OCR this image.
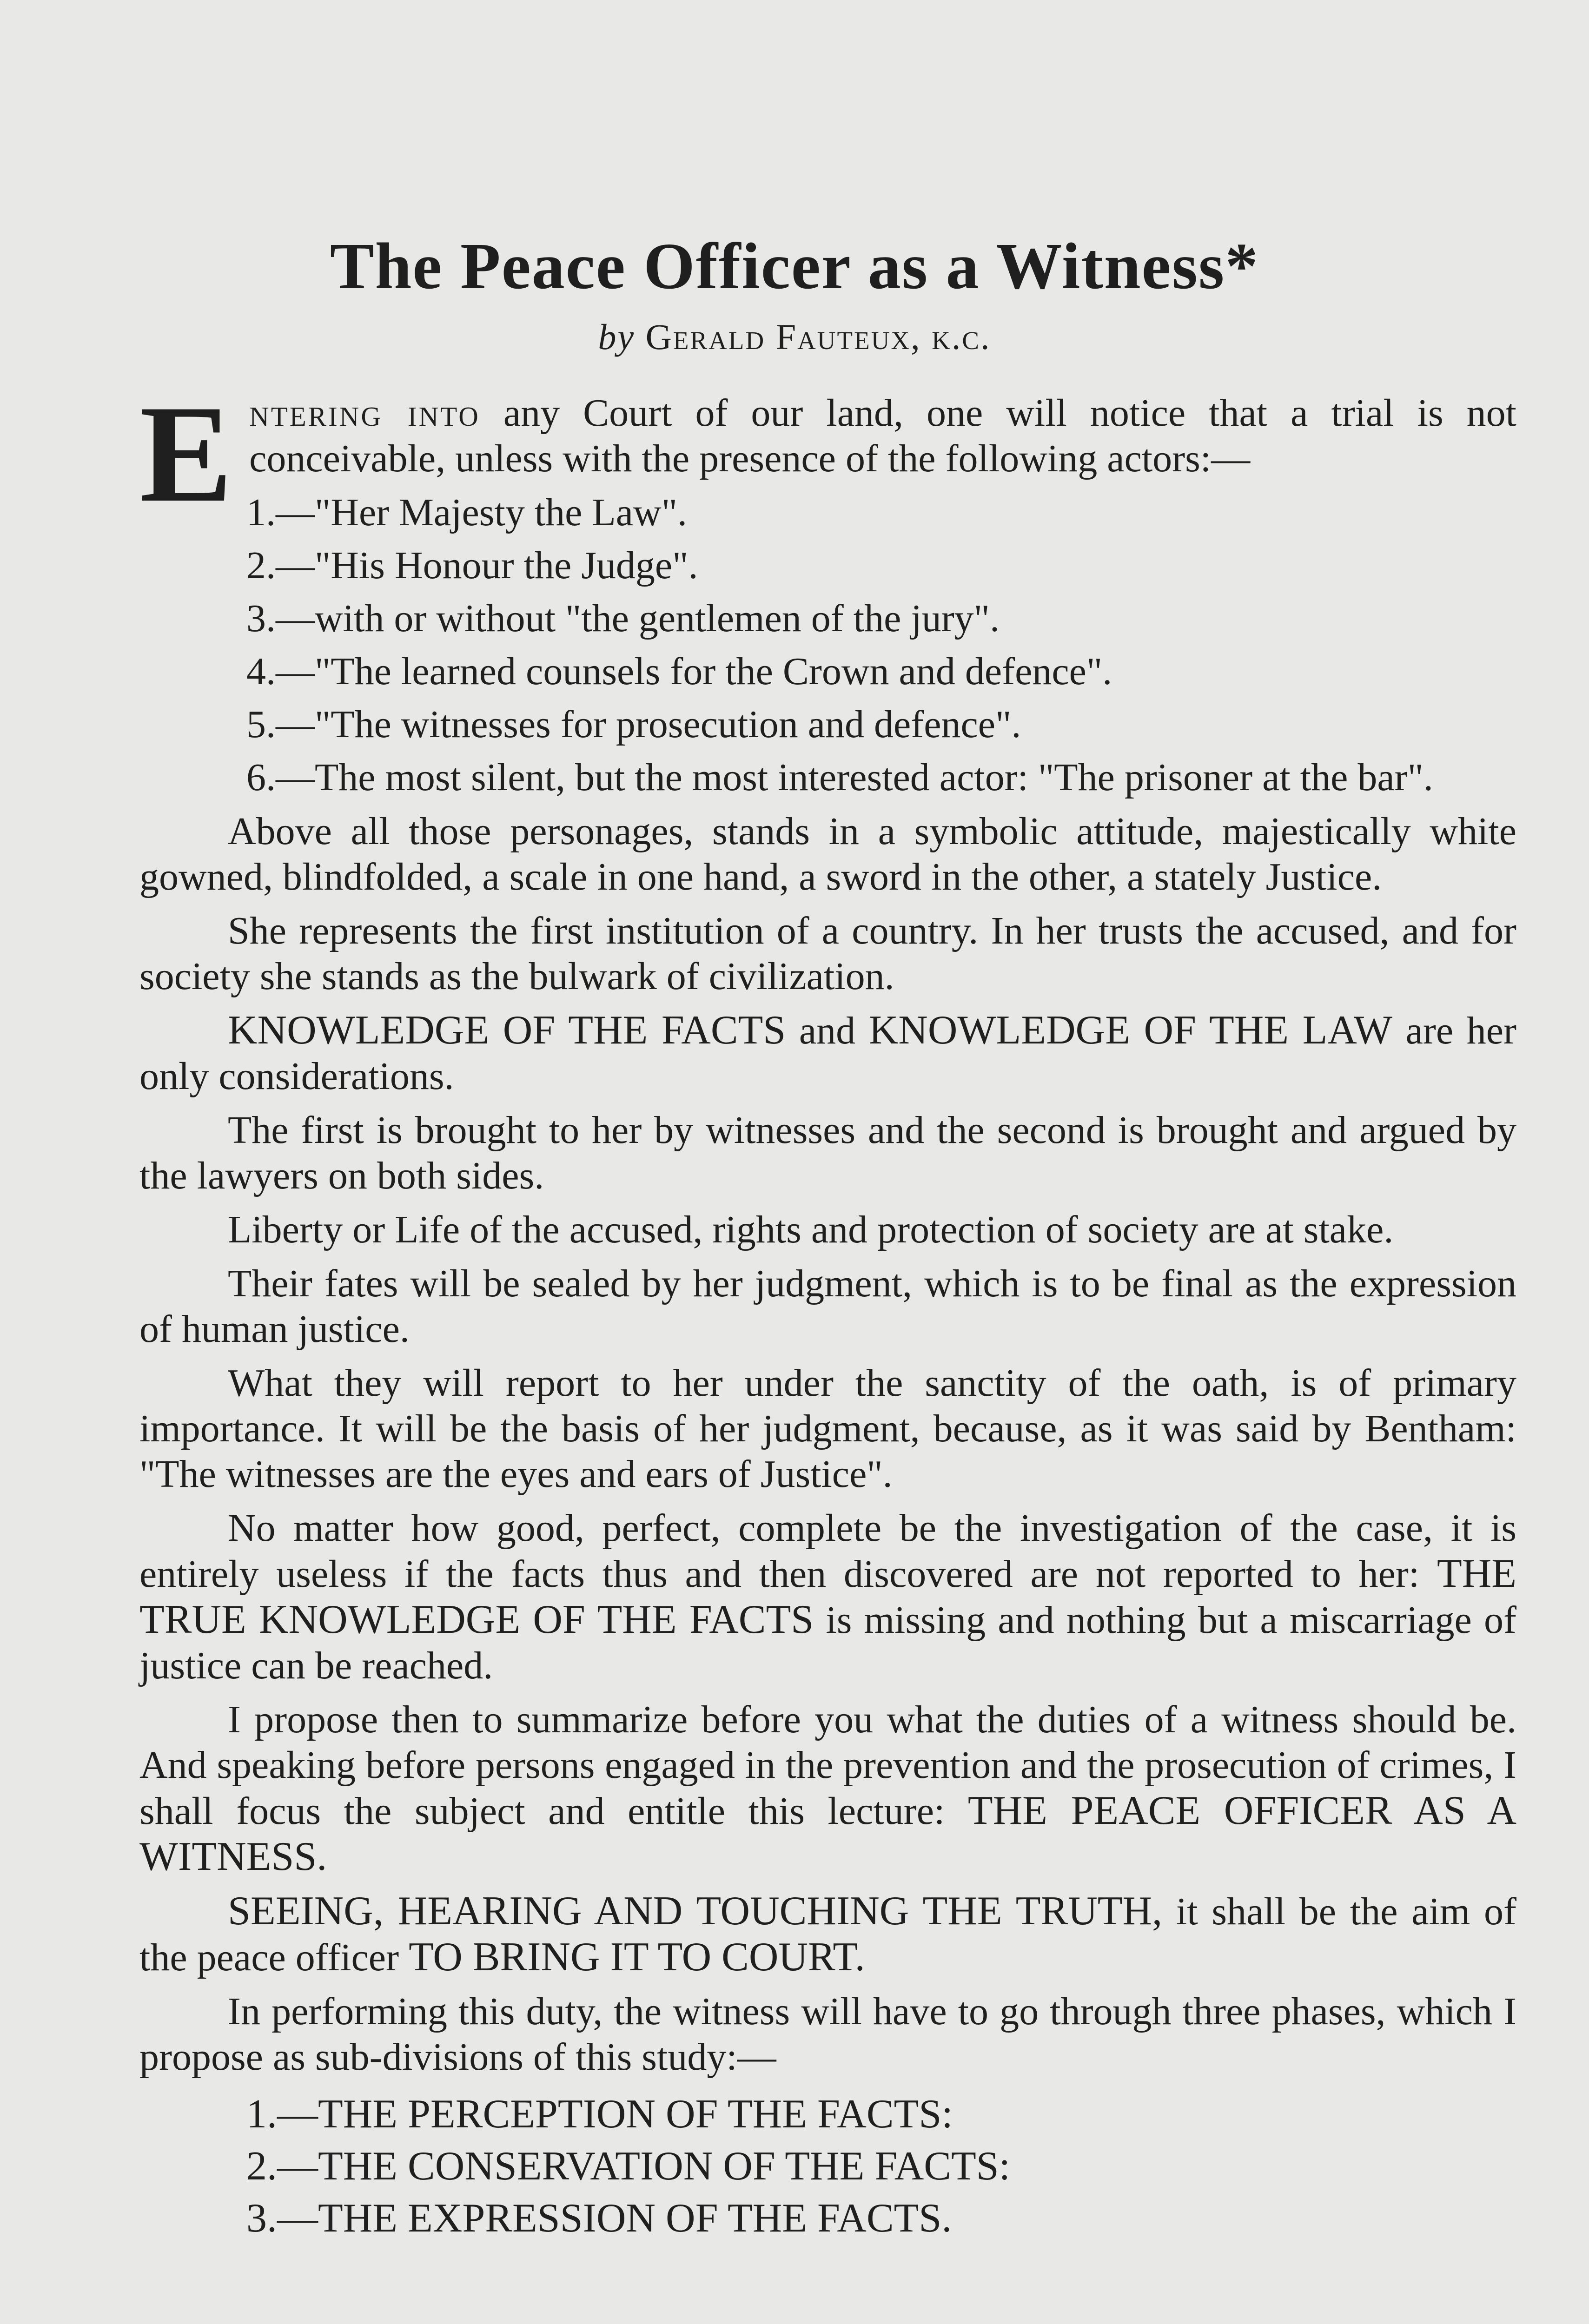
The Peace Officer as a Witness*
by Gerald Fauteux, k.c.

Entering into any Court of our land, one will notice that a trial is not conceivable, unless with the presence of the following actors:—

1.—"Her Majesty the Law".
2.—"His Honour the Judge".
3.—with or without "the gentlemen of the jury".
4.—"The learned counsels for the Crown and defence".
5.—"The witnesses for prosecution and defence".
6.—The most silent, but the most interested actor: "The prisoner at the bar".

Above all those personages, stands in a symbolic attitude, majestically white gowned, blindfolded, a scale in one hand, a sword in the other, a stately Justice.

She represents the first institution of a country. In her trusts the accused, and for society she stands as the bulwark of civilization.

KNOWLEDGE OF THE FACTS and KNOWLEDGE OF THE LAW are her only considerations.

The first is brought to her by witnesses and the second is brought and argued by the lawyers on both sides.

Liberty or Life of the accused, rights and protection of society are at stake.

Their fates will be sealed by her judgment, which is to be final as the expression of human justice.

What they will report to her under the sanctity of the oath, is of primary importance. It will be the basis of her judgment, because, as it was said by Bentham: "The witnesses are the eyes and ears of Justice".

No matter how good, perfect, complete be the investigation of the case, it is entirely useless if the facts thus and then discovered are not reported to her: THE TRUE KNOWLEDGE OF THE FACTS is missing and nothing but a miscarriage of justice can be reached.

I propose then to summarize before you what the duties of a witness should be. And speaking before persons engaged in the prevention and the prosecution of crimes, I shall focus the subject and entitle this lecture: THE PEACE OFFICER AS A WITNESS.

SEEING, HEARING AND TOUCHING THE TRUTH, it shall be the aim of the peace officer TO BRING IT TO COURT.

In performing this duty, the witness will have to go through three phases, which I propose as sub-divisions of this study:—

1.—THE PERCEPTION OF THE FACTS:
2.—THE CONSERVATION OF THE FACTS:
3.—THE EXPRESSION OF THE FACTS.
